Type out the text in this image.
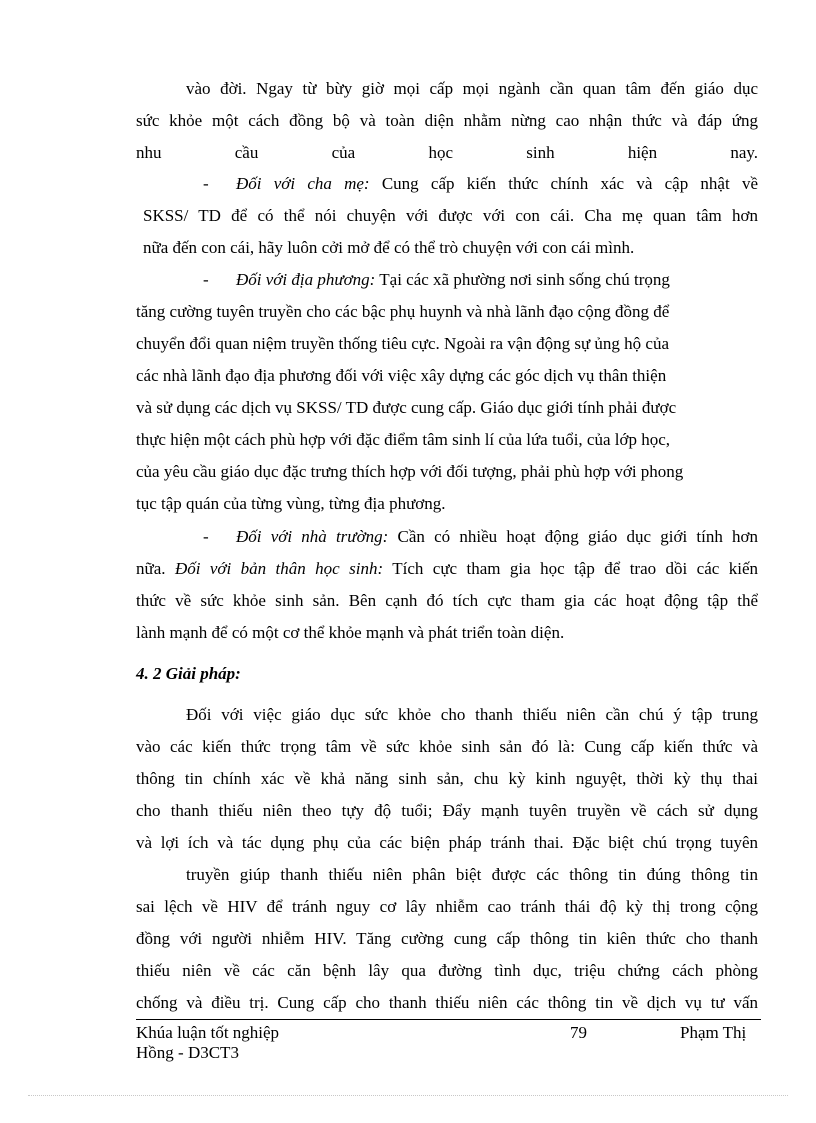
vào đời. Ngay từ bừy giờ mọi cấp mọi ngành cần quan tâm đến giáo dục
sức khỏe một cách đồng bộ và toàn diện nhằm nừng cao nhận thức và đáp ứng
nhu	cầu	của	học	sinh	hiện	nay.
- Đối với cha mẹ: Cung cấp kiến thức chính xác và cập nhật về
SKSS/ TD để có thể nói chuyện với được với con cái. Cha mẹ quan tâm hơn
nữa đến con cái, hãy luôn cởi mở để có thể trò chuyện với con cái mình.
- Đối với địa phương: Tại các xã phường nơi sinh sống chú trọng
tăng cường tuyên truyền cho các bậc phụ huynh và nhà lãnh đạo cộng đồng để
chuyển đổi quan niệm truyền thống tiêu cực. Ngoài ra vận động sự ủng hộ của
các nhà lãnh đạo địa phương đối với việc xây dựng các góc dịch vụ thân thiện
và sử dụng các dịch vụ SKSS/ TD được cung cấp. Giáo dục giới tính phải được
thực hiện một cách phù hợp với đặc điểm tâm sinh lí của lứa tuổi, của lớp học,
của yêu cầu giáo dục đặc trưng thích hợp với đối tượng, phải phù hợp với phong
tục tập quán của từng vùng, từng địa phương.
- Đối với nhà trường: Cần có nhiều hoạt động giáo dục giới tính hơn
nữa. Đối với bản thân học sinh: Tích cực tham gia học tập để trao dồi các kiến
thức về sức khỏe sinh sản. Bên cạnh đó tích cực tham gia các hoạt động tập thể
lành mạnh để có một cơ thể khỏe mạnh và phát triển toàn diện.
4. 2 Giải pháp:
Đối với việc giáo dục sức khỏe cho thanh thiếu niên cần chú ý tập trung
vào các kiến thức trọng tâm về sức khỏe sinh sản đó là: Cung cấp kiến thức và
thông tin chính xác về khả năng sinh sản, chu kỳ kinh nguyệt, thời kỳ thụ thai
cho thanh thiếu niên theo tựy độ tuổi; Đẩy mạnh tuyên truyền về cách sử dụng
và lợi ích và tác dụng phụ của các biện pháp tránh thai. Đặc biệt chú trọng tuyên
truyền giúp thanh thiếu niên phân biệt được các thông tin đúng thông tin
sai lệch về HIV để tránh nguy cơ lây nhiễm cao tránh thái độ kỳ thị trong cộng
đồng với người nhiễm HIV. Tăng cường cung cấp thông tin kiên thức cho thanh
thiếu niên về các căn bệnh lây qua đường tình dục, triệu chứng cách phòng
chống và điều trị. Cung cấp cho thanh thiếu niên các thông tin về dịch vụ tư vấn
Khúa luận tốt nghiệp	79	Phạm Thị
Hồng - D3CT3
